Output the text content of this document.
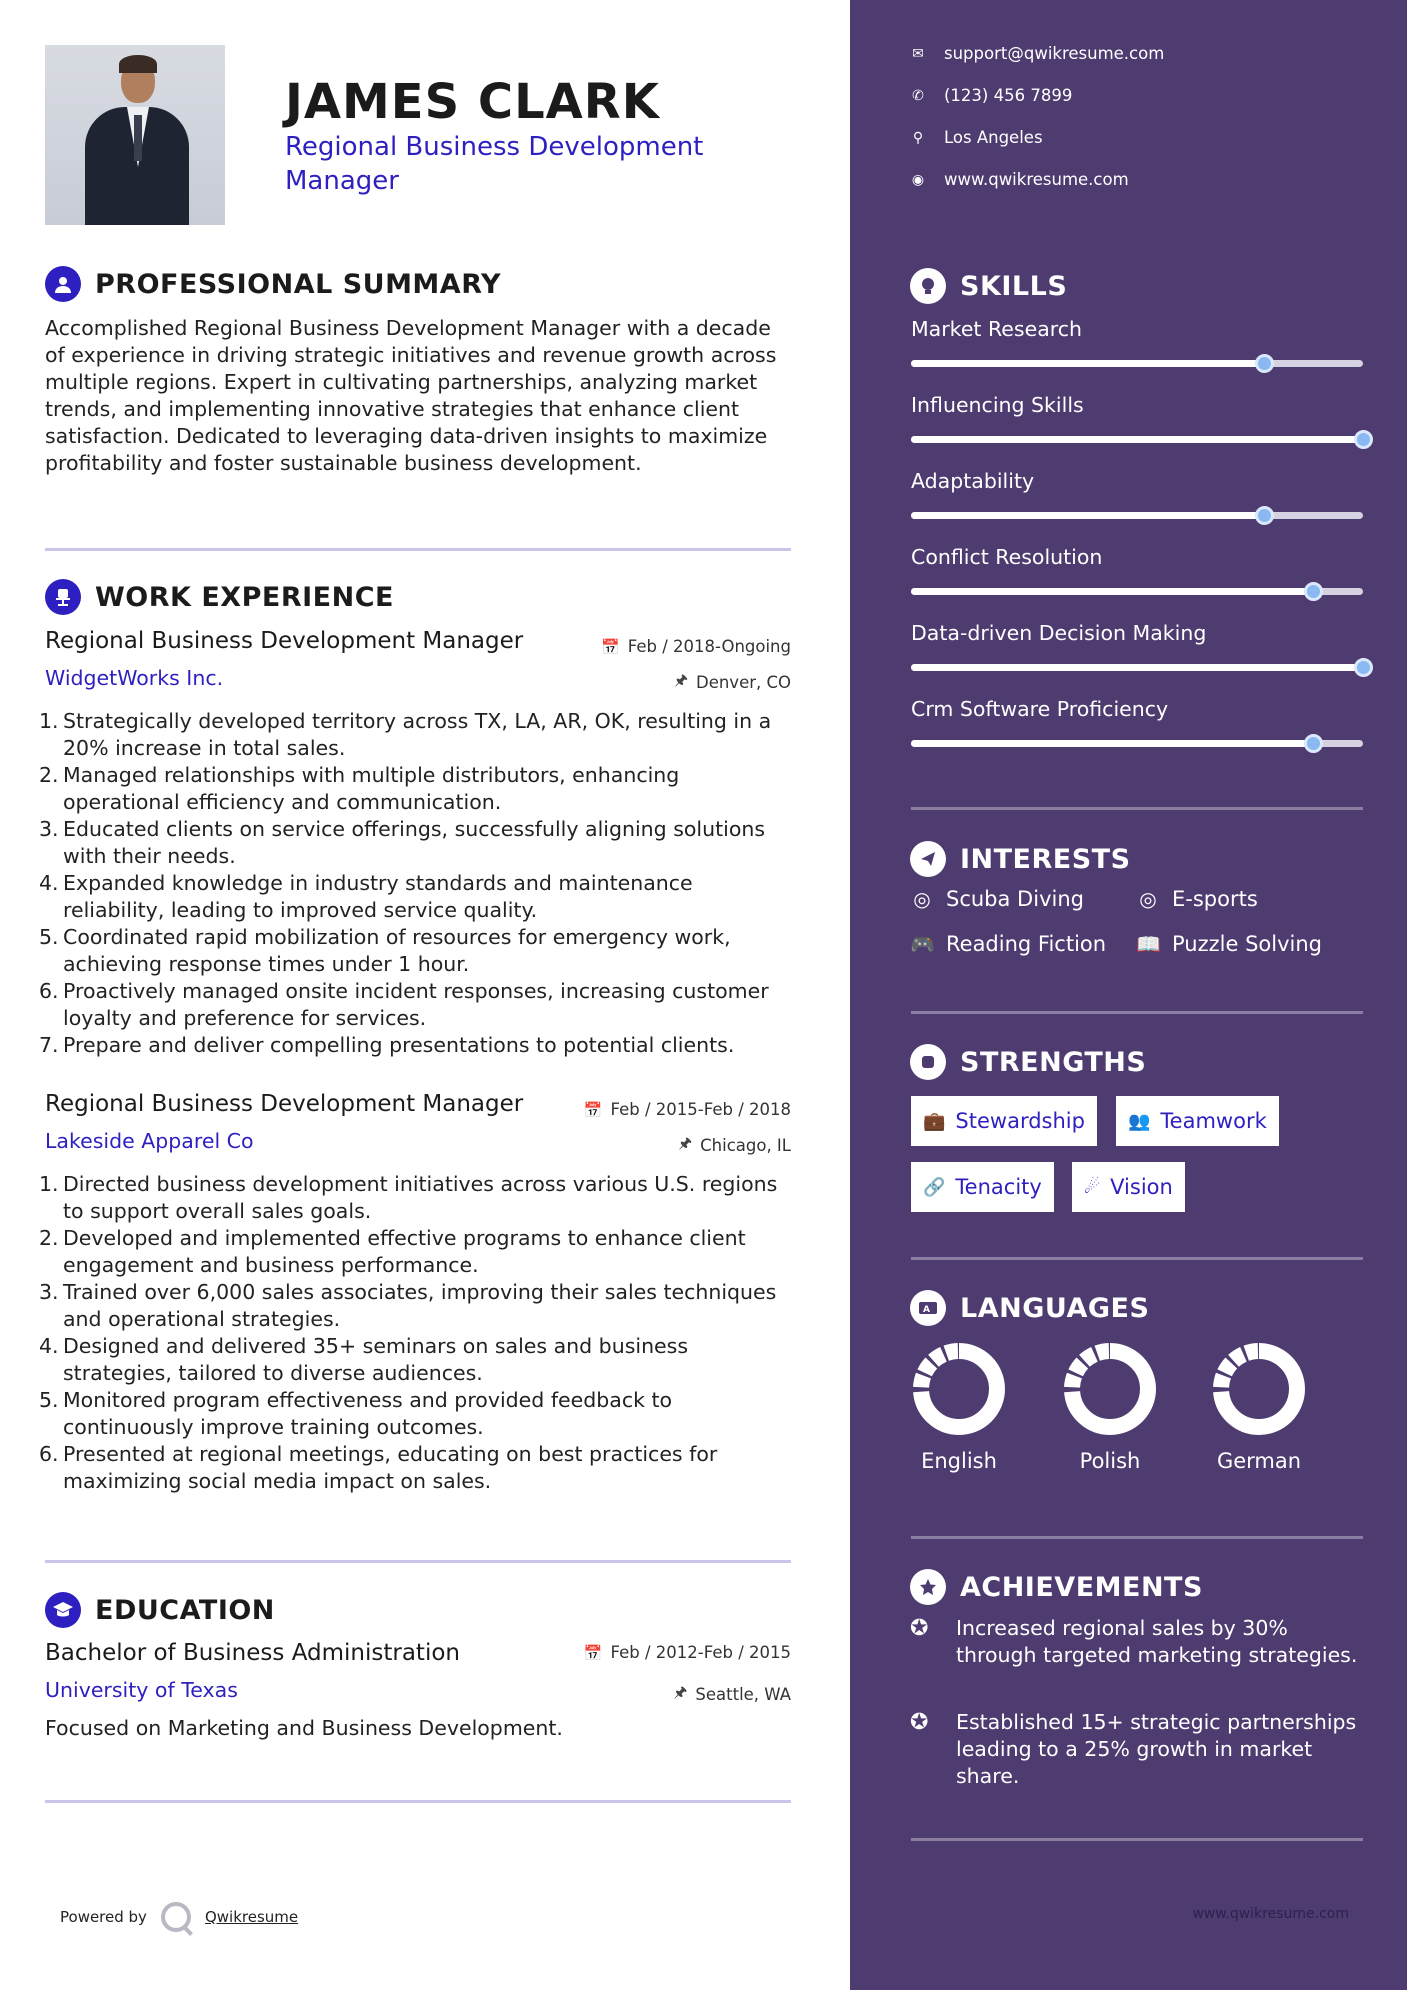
JAMES CLARK
Regional Business Development Manager
PROFESSIONAL SUMMARY
Accomplished Regional Business Development Manager with a decade of experience in driving strategic initiatives and revenue growth across multiple regions. Expert in cultivating partnerships, analyzing market trends, and implementing innovative strategies that enhance client satisfaction. Dedicated to leveraging data-driven insights to maximize profitability and foster sustainable business development.
WORK EXPERIENCE
Regional Business Development Manager	📅 Feb / 2018-Ongoing
WidgetWorks Inc.	🖈 Denver, CO
1. Strategically developed territory across TX, LA, AR, OK, resulting in a 20% increase in total sales.
2. Managed relationships with multiple distributors, enhancing operational efficiency and communication.
3. Educated clients on service offerings, successfully aligning solutions with their needs.
4. Expanded knowledge in industry standards and maintenance reliability, leading to improved service quality.
5. Coordinated rapid mobilization of resources for emergency work, achieving response times under 1 hour.
6. Proactively managed onsite incident responses, increasing customer loyalty and preference for services.
7. Prepare and deliver compelling presentations to potential clients.
Regional Business Development Manager	📅 Feb / 2015-Feb / 2018
Lakeside Apparel Co	🖈 Chicago, IL
1. Directed business development initiatives across various U.S. regions to support overall sales goals.
2. Developed and implemented effective programs to enhance client engagement and business performance.
3. Trained over 6,000 sales associates, improving their sales techniques and operational strategies.
4. Designed and delivered 35+ seminars on sales and business strategies, tailored to diverse audiences.
5. Monitored program effectiveness and provided feedback to continuously improve training outcomes.
6. Presented at regional meetings, educating on best practices for maximizing social media impact on sales.
EDUCATION
Bachelor of Business Administration	📅 Feb / 2012-Feb / 2015
University of Texas	🖈 Seattle, WA
Focused on Marketing and Business Development.
Powered by	Qwikresume
✉ support@qwikresume.com
✆ (123) 456 7899
⚲ Los Angeles
◉ www.qwikresume.com
SKILLS
Market Research
Influencing Skills
Adaptability
Conflict Resolution
Data-driven Decision Making
Crm Software Proficiency
INTERESTS
◎ Scuba Diving	◎ E-sports
🎮 Reading Fiction 📖 Puzzle Solving
STRENGTHS
💼 Stewardship 👥 Teamwork
🔗 Tenacity ☄ Vision
A LANGUAGES
English	Polish	German
ACHIEVEMENTS
✪	Increased regional sales by 30% through targeted marketing strategies.
✪	Established 15+ strategic partnerships leading to a 25% growth in market share.
www.qwikresume.com
